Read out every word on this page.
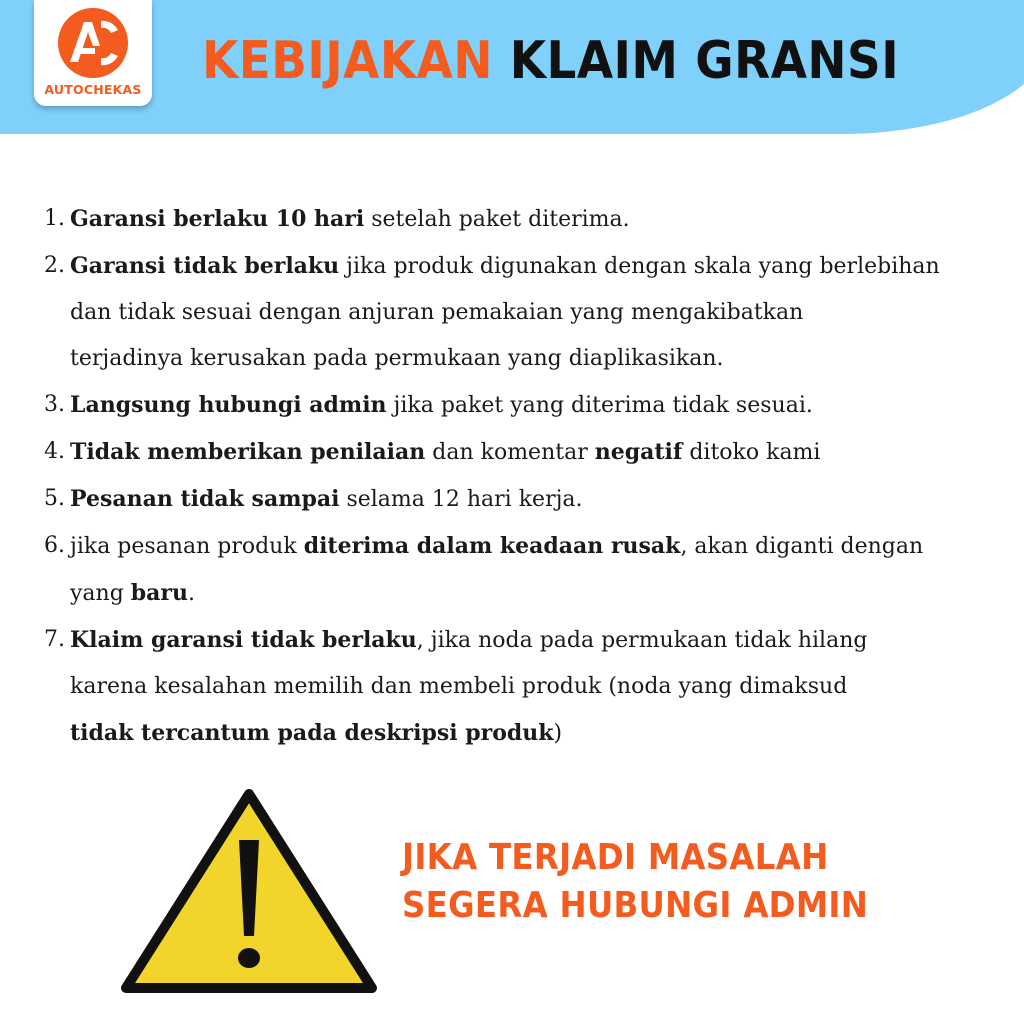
AUTOCHEKAS KEBIJAKAN KLAIM GRANSI
1. Garansi berlaku 10 hari setelah paket diterima.
2. Garansi tidak berlaku jika produk digunakan dengan skala yang berlebihan
dan tidak sesuai dengan anjuran pemakaian yang mengakibatkan
terjadinya kerusakan pada permukaan yang diaplikasikan.
3. Langsung hubungi admin jika paket yang diterima tidak sesuai.
4. Tidak memberikan penilaian dan komentar negatif ditoko kami
5. Pesanan tidak sampai selama 12 hari kerja.
6. jika pesanan produk diterima dalam keadaan rusak, akan diganti dengan
yang baru.
7. Klaim garansi tidak berlaku, jika noda pada permukaan tidak hilang
karena kesalahan memilih dan membeli produk (noda yang dimaksud
tidak tercantum pada deskripsi produk)
JIKA TERJADI MASALAH
SEGERA HUBUNGI ADMIN
